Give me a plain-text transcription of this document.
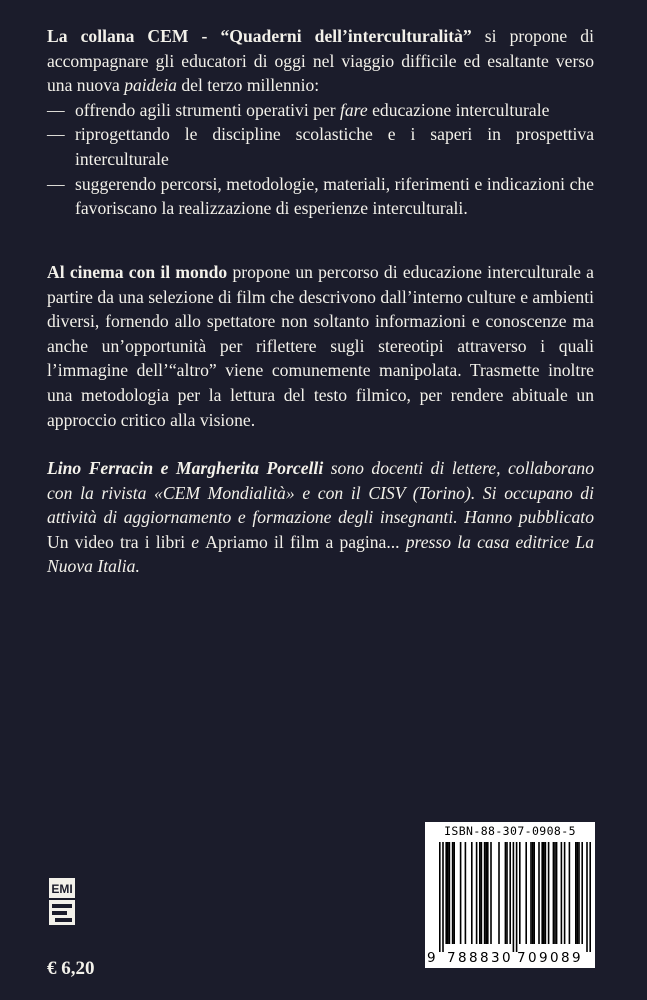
La collana CEM - “Quaderni dell’interculturalità” si propone di accompagnare gli educatori di oggi nel viaggio difficile ed esaltante verso una nuova paideia del terzo millennio:
— offrendo agili strumenti operativi per fare educazione interculturale
— riprogettando le discipline scolastiche e i saperi in prospettiva interculturale
— suggerendo percorsi, metodologie, materiali, riferimenti e indicazioni che favoriscano la realizzazione di esperienze interculturali.
Al cinema con il mondo propone un percorso di educazione interculturale a partire da una selezione di film che descrivono dall’interno culture e ambienti diversi, fornendo allo spettatore non soltanto informazioni e conoscenze ma anche un’opportunità per riflettere sugli stereotipi attraverso i quali l’immagine dell’“altro” viene comunemente manipolata. Trasmette inoltre una metodologia per la lettura del testo filmico, per rendere abituale un approccio critico alla visione.
Lino Ferracin e Margherita Porcelli sono docenti di lettere, collaborano con la rivista «CEM Mondialità» e con il CISV (Torino). Si occupano di attività di aggiornamento e formazione degli insegnanti. Hanno pubblicato Un video tra i libri e Apriamo il film a pagina... presso la casa editrice La Nuova Italia.
EMI
€ 6,20
ISBN-88-307-0908-5
9 788830 709089
